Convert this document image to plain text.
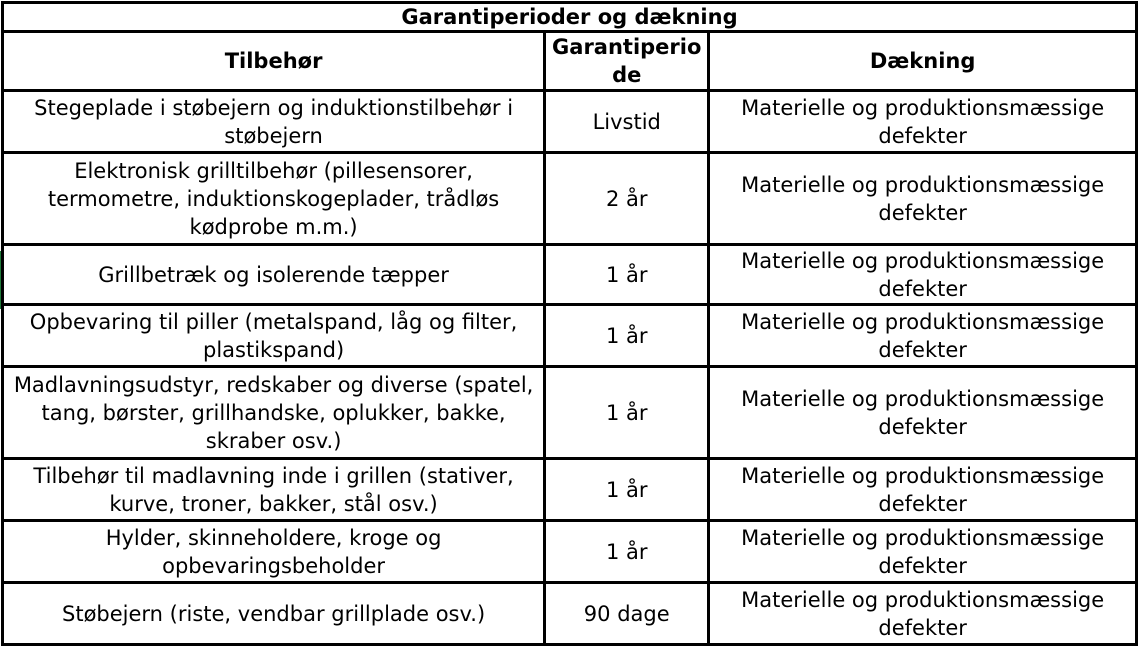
Garantiperioder og dækning		
Tilbehør	Garantiperiode	Dækning
Stegeplade i støbejern og induktionstilbehør i støbejern	Livstid	Materielle og produktionsmæssige defekter
Elektronisk grilltilbehør (pillesensorer, termometre, induktionskogeplader, trådløs kødprobe m.m.)	2 år	Materielle og produktionsmæssige defekter
Grillbetræk og isolerende tæpper	1 år	Materielle og produktionsmæssige defekter
Opbevaring til piller (metalspand, låg og filter, plastikspand)	1 år	Materielle og produktionsmæssige defekter
Madlavningsudstyr, redskaber og diverse (spatel, tang, børster, grillhandske, oplukker, bakke, skraber osv.)	1 år	Materielle og produktionsmæssige defekter
Tilbehør til madlavning inde i grillen (stativer, kurve, troner, bakker, stål osv.)	1 år	Materielle og produktionsmæssige defekter
Hylder, skinneholdere, kroge og opbevaringsbeholder	1 år	Materielle og produktionsmæssige defekter
Støbejern (riste, vendbar grillplade osv.)	90 dage	Materielle og produktionsmæssige defekter
